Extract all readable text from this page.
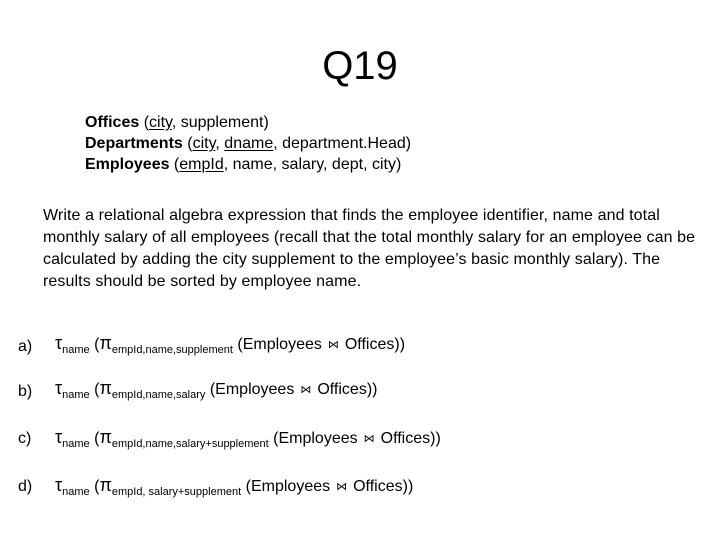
Q19
Offices (city, supplement)
Departments (city, dname, department.Head)
Employees (empId, name, salary, dept, city)
Write a relational algebra expression that finds the employee identifier, name and total monthly salary of all employees (recall that the total monthly salary for an employee can be calculated by adding the city supplement to the employee’s basic monthly salary). The results should be sorted by employee name.
a) $\tau_{name}$ ($\pi_{empId,name,supplement}$ (Employees ⋈ Offices))
b) $\tau_{name}$ ($\pi_{empId,name,salary}$ (Employees ⋈ Offices))
c) $\tau_{name}$ ($\pi_{empId,name,salary+supplement}$ (Employees ⋈ Offices))
d) $\tau_{name}$ ($\pi_{empId, salary+supplement}$ (Employees ⋈ Offices))
